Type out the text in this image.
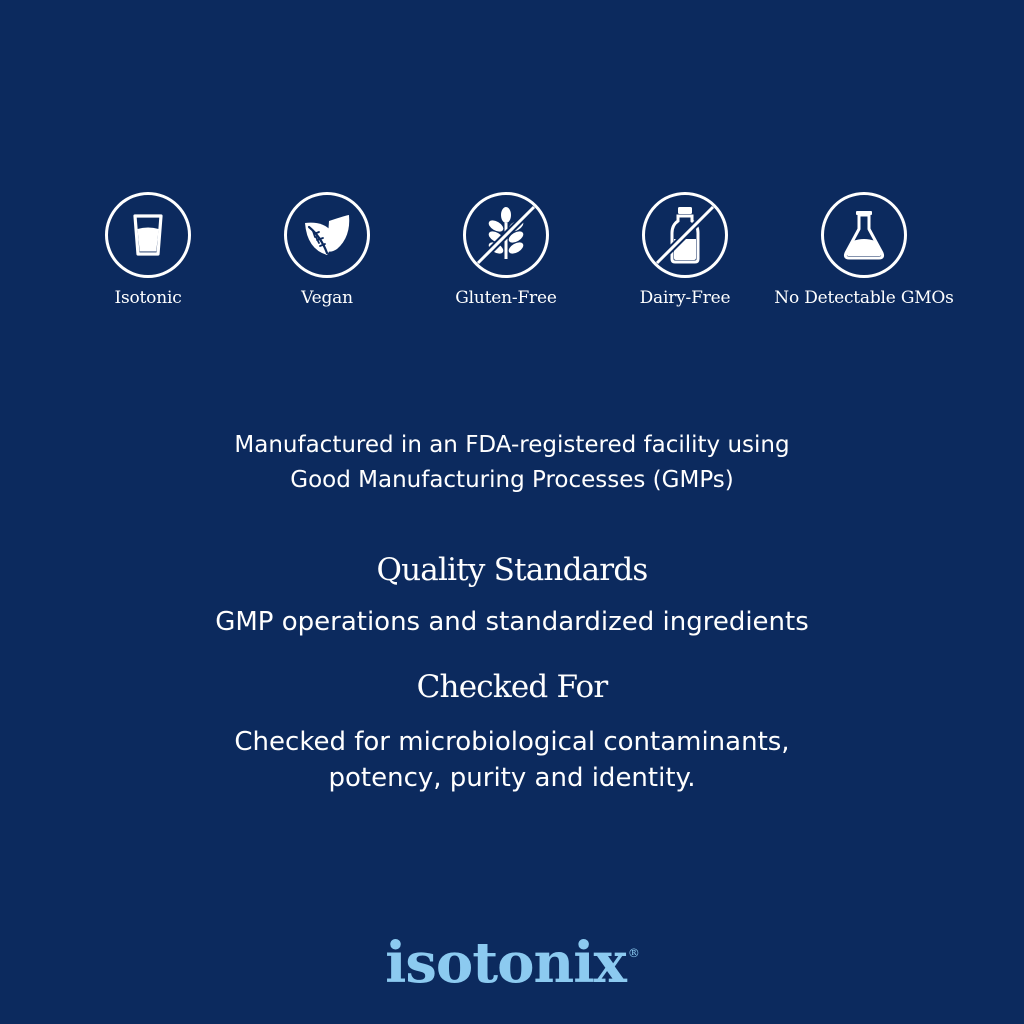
Isotonic	Vegan	Gluten-Free	Dairy-Free	No Detectable GMOs
Manufactured in an FDA-registered facility using
Good Manufacturing Processes (GMPs)
Quality Standards
GMP operations and standardized ingredients
Checked For
Checked for microbiological contaminants,
potency, purity and identity.
isotonix ®
